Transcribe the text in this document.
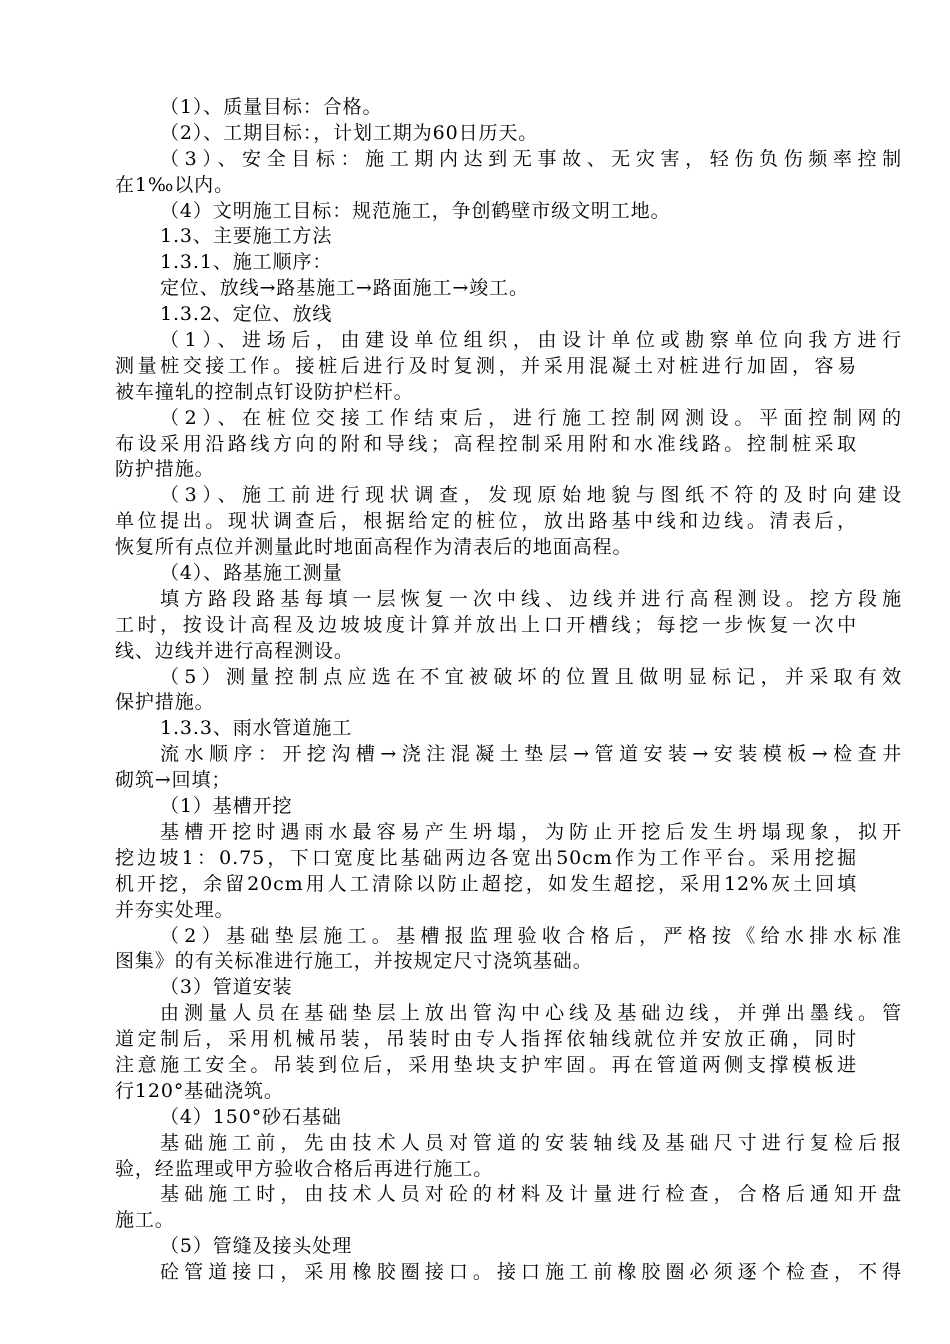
（1）、质量目标：合格。
（2）、工期目标：，计划工期为60日历天。
（3）、安全目标：施工期内达到无事故、无灾害，轻伤负伤频率控制
在1‰以内。
（4）文明施工目标：规范施工，争创鹤壁市级文明工地。
1.3、主要施工方法
1.3.1、施工顺序：
定位、放线→路基施工→路面施工→竣工。
1.3.2、定位、放线
（1）、进场后，由建设单位组织，由设计单位或勘察单位向我方进行
测量桩交接工作。接桩后进行及时复测，并采用混凝土对桩进行加固，容易
被车撞轧的控制点钉设防护栏杆。
（2）、在桩位交接工作结束后，进行施工控制网测设。平面控制网的
布设采用沿路线方向的附和导线；高程控制采用附和水准线路。控制桩采取
防护措施。
（3）、施工前进行现状调查，发现原始地貌与图纸不符的及时向建设
单位提出。现状调查后，根据给定的桩位，放出路基中线和边线。清表后，
恢复所有点位并测量此时地面高程作为清表后的地面高程。
（4）、路基施工测量
填方路段路基每填一层恢复一次中线、边线并进行高程测设。挖方段施
工时，按设计高程及边坡坡度计算并放出上口开槽线；每挖一步恢复一次中
线、边线并进行高程测设。
（5）测量控制点应选在不宜被破坏的位置且做明显标记，并采取有效
保护措施。
1.3.3、雨水管道施工
流水顺序：开挖沟槽→浇注混凝土垫层→管道安装→安装模板→检查井
砌筑→回填；
（1）基槽开挖
基槽开挖时遇雨水最容易产生坍塌，为防止开挖后发生坍塌现象，拟开
挖边坡1：0.75，下口宽度比基础两边各宽出50cm作为工作平台。采用挖掘
机开挖，余留20cm用人工清除以防止超挖，如发生超挖，采用12%灰土回填
并夯实处理。
（2）基础垫层施工。基槽报监理验收合格后，严格按《给水排水标准
图集》的有关标准进行施工，并按规定尺寸浇筑基础。
（3）管道安装
由测量人员在基础垫层上放出管沟中心线及基础边线，并弹出墨线。管
道定制后，采用机械吊装，吊装时由专人指挥依轴线就位并安放正确，同时
注意施工安全。吊装到位后，采用垫块支护牢固。再在管道两侧支撑模板进
行120°基础浇筑。
（4）150°砂石基础
基础施工前，先由技术人员对管道的安装轴线及基础尺寸进行复检后报
验，经监理或甲方验收合格后再进行施工。
基础施工时，由技术人员对砼的材料及计量进行检查，合格后通知开盘
施工。
（5）管缝及接头处理
砼管道接口，采用橡胶圈接口。接口施工前橡胶圈必须逐个检查，不得
